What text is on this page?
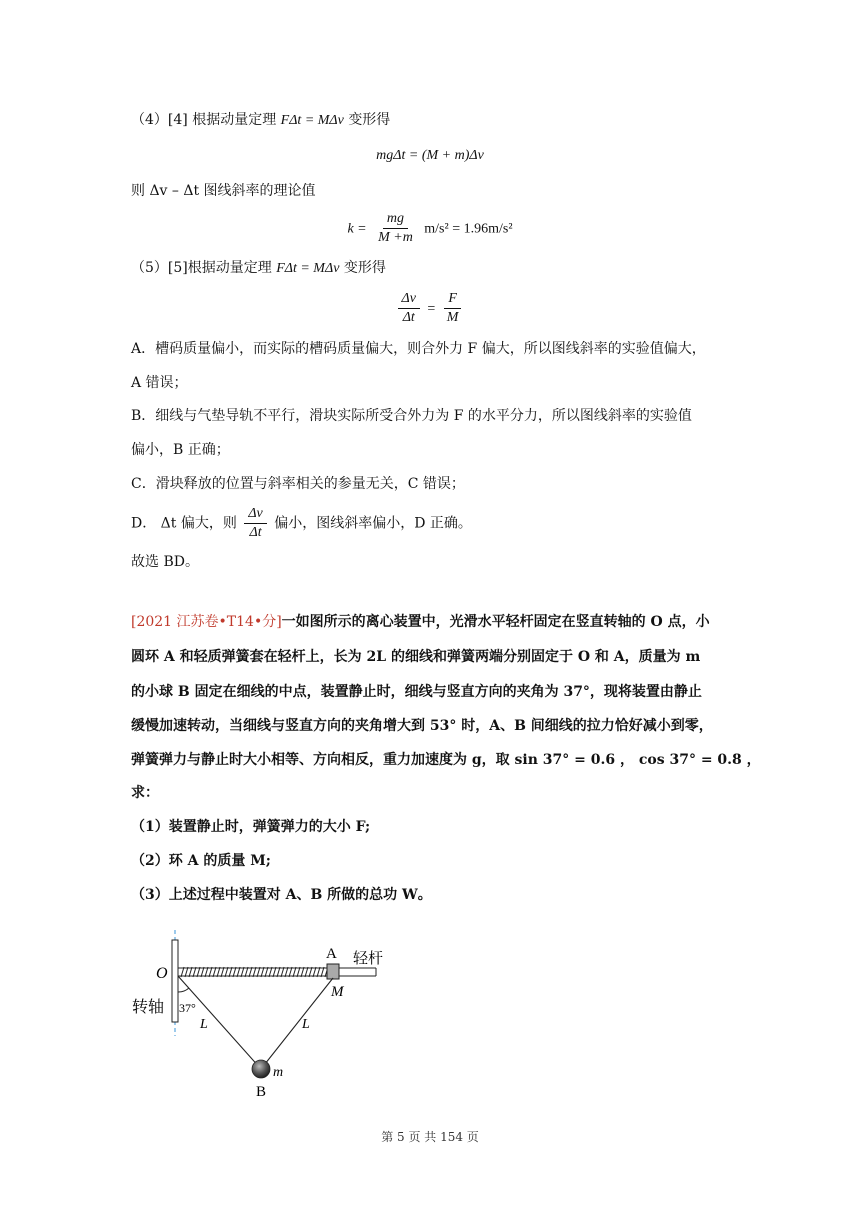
（4）[4] 根据动量定理 FΔt = MΔv 变形得
mgΔt = (M + m)Δv
则 Δv – Δt 图线斜率的理论值
$k = \frac{mg}{M +m} m/s^2 = 1.96m/s^2$
（5）[5]根据动量定理 FΔt = MΔv 变形得
$\frac{\Delta v}{\Delta t} = \frac{F}{M}$
A．槽码质量偏小，而实际的槽码质量偏大，则合外力 F 偏大，所以图线斜率的实验值偏大，
A 错误；
B．细线与气垫导轨不平行，滑块实际所受合外力为 F 的水平分力，所以图线斜率的实验值
偏小，B 正确；
C．滑块释放的位置与斜率相关的参量无关，C 错误；
D． Δt 偏大，则 $\frac{\Delta v}{\Delta t}$ 偏小，图线斜率偏小，D 正确。
故选 BD。
[2021 江苏卷•T14•分]一如图所示的离心装置中，光滑水平轻杆固定在竖直转轴的 O 点，小
圆环 A 和轻质弹簧套在轻杆上，长为 2L 的细线和弹簧两端分别固定于 O 和 A，质量为 m
的小球 B 固定在细线的中点，装置静止时，细线与竖直方向的夹角为 37°，现将装置由静止
缓慢加速转动，当细线与竖直方向的夹角增大到 53° 时，A、B 间细线的拉力恰好减小到零，
弹簧弹力与静止时大小相等、方向相反，重力加速度为 g，取 sin 37° = 0.6 ， cos 37° = 0.8 ，
求：
（1）装置静止时，弹簧弹力的大小 F;
（2）环 A 的质量 M;
（3）上述过程中装置对 A、B 所做的总功 W。
O
A 轻杆
M
转轴 37°
L	L
m
B
第 5 页 共 154 页
